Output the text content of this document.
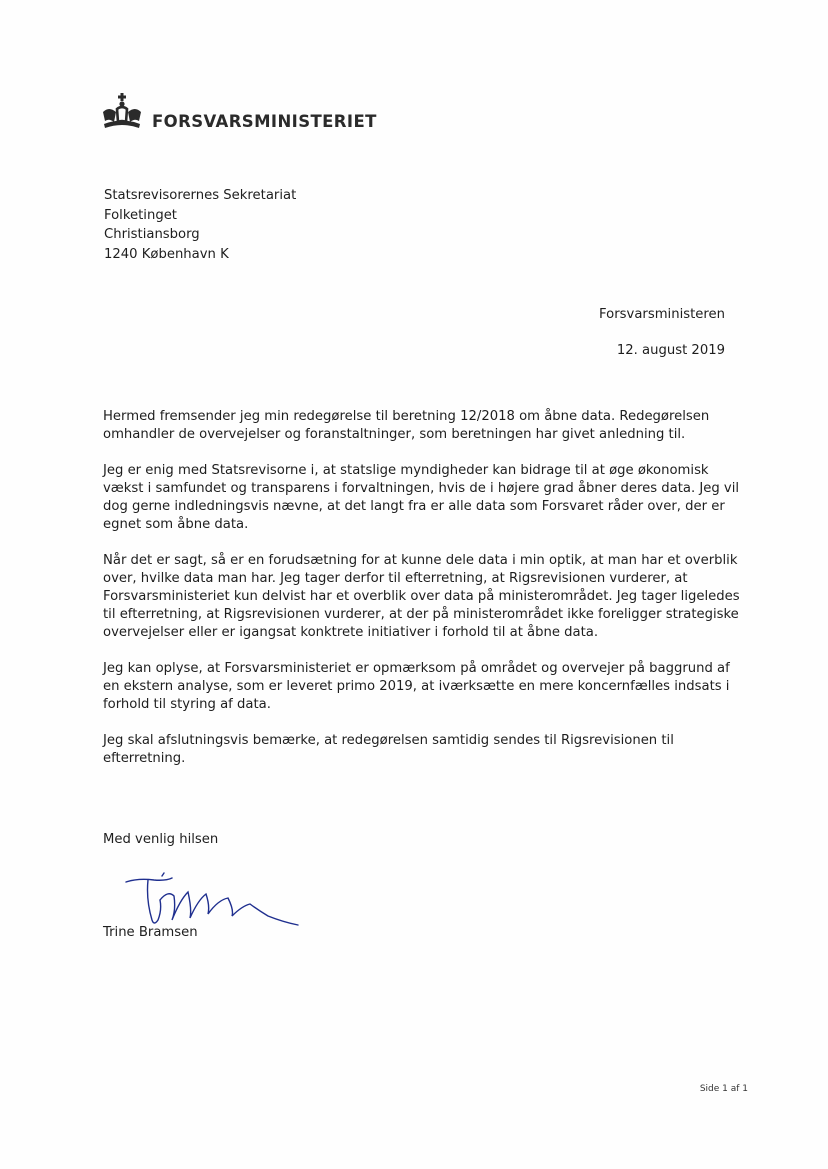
FORSVARSMINISTERIET
Statsrevisorernes Sekretariat
Folketinget
Christiansborg
1240 København K
Forsvarsministeren
12. august 2019

Hermed fremsender jeg min redegørelse til beretning 12/2018 om åbne data. Redegørelsen omhandler de overvejelser og foranstaltninger, som beretningen har givet anledning til.

Jeg er enig med Statsrevisorne i, at statslige myndigheder kan bidrage til at øge økonomisk vækst i samfundet og transparens i forvaltningen, hvis de i højere grad åbner deres data. Jeg vil dog gerne indledningsvis nævne, at det langt fra er alle data som Forsvaret råder over, der er egnet som åbne data.

Når det er sagt, så er en forudsætning for at kunne dele data i min optik, at man har et overblik over, hvilke data man har. Jeg tager derfor til efterretning, at Rigsrevisionen vurderer, at Forsvarsministeriet kun delvist har et overblik over data på ministerområdet. Jeg tager ligeledes til efterretning, at Rigsrevisionen vurderer, at der på ministerområdet ikke foreligger strategiske overvejelser eller er igangsat konktrete initiativer i forhold til at åbne data.

Jeg kan oplyse, at Forsvarsministeriet er opmærksom på området og overvejer på baggrund af en ekstern analyse, som er leveret primo 2019, at iværksætte en mere koncernfælles indsats i forhold til styring af data.

Jeg skal afslutningsvis bemærke, at redegørelsen samtidig sendes til Rigsrevisionen til efterretning.

Med venlig hilsen
Trine Bramsen
Side 1 af 1
